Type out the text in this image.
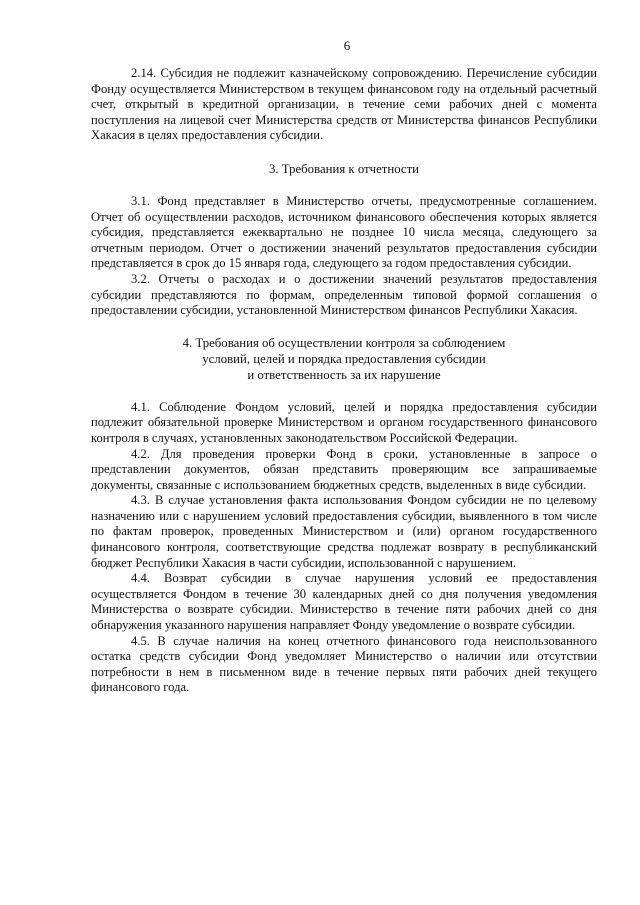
6

2.14. Субсидия не подлежит казначейскому сопровождению. Перечисление субсидии Фонду осуществляется Министерством в текущем финансовом году на отдельный расчетный счет, открытый в кредитной организации, в течение семи рабочих дней с момента поступления на лицевой счет Министерства средств от Министерства финансов Республики Хакасия в целях предоставления субсидии.

3. Требования к отчетности

3.1. Фонд представляет в Министерство отчеты, предусмотренные соглашением. Отчет об осуществлении расходов, источником финансового обеспечения которых является субсидия, представляется ежеквартально не позднее 10 числа месяца, следующего за отчетным периодом. Отчет о достижении значений результатов предоставления субсидии представляется в срок до 15 января года, следующего за годом предоставления субсидии.

3.2. Отчеты о расходах и о достижении значений результатов предоставления субсидии представляются по формам, определенным типовой формой соглашения о предоставлении субсидии, установленной Министерством финансов Республики Хакасия.

4. Требования об осуществлении контроля за соблюдением
условий, целей и порядка предоставления субсидии
и ответственность за их нарушение

4.1. Соблюдение Фондом условий, целей и порядка предоставления субсидии подлежит обязательной проверке Министерством и органом государственного финансового контроля в случаях, установленных законодательством Российской Федерации.

4.2. Для проведения проверки Фонд в сроки, установленные в запросе о представлении документов, обязан представить проверяющим все запрашиваемые документы, связанные с использованием бюджетных средств, выделенных в виде субсидии.

4.3. В случае установления факта использования Фондом субсидии не по целевому назначению или с нарушением условий предоставления субсидии, выявленного в том числе по фактам проверок, проведенных Министерством и (или) органом государственного финансового контроля, соответствующие средства подлежат возврату в республиканский бюджет Республики Хакасия в части субсидии, использованной с нарушением.

4.4. Возврат субсидии в случае нарушения условий ее предоставления осуществляется Фондом в течение 30 календарных дней со дня получения уведомления Министерства о возврате субсидии. Министерство в течение пяти рабочих дней со дня обнаружения указанного нарушения направляет Фонду уведомление о возврате субсидии.

4.5. В случае наличия на конец отчетного финансового года неиспользованного остатка средств субсидии Фонд уведомляет Министерство о наличии или отсутствии потребности в нем в письменном виде в течение первых пяти рабочих дней текущего финансового года.
